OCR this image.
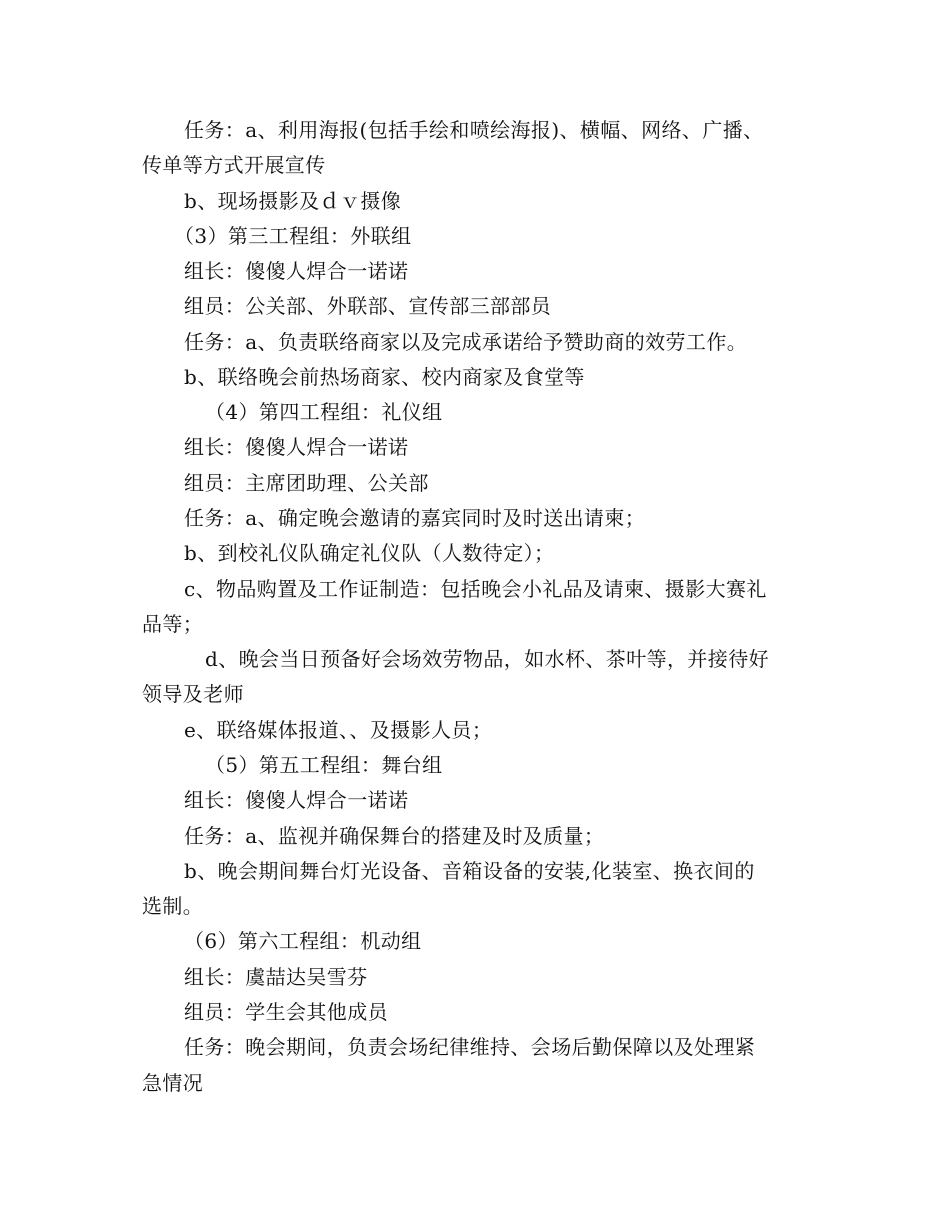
任务：a、利用海报(包括手绘和喷绘海报)、横幅、网络、广播、
传单等方式开展宣传
b、现场摄影及ｄｖ摄像
（3）第三工程组：外联组
组长：傻傻人焊合一诺诺
组员：公关部、外联部、宣传部三部部员
任务：a、负责联络商家以及完成承诺给予赞助商的效劳工作。
b、联络晚会前热场商家、校内商家及食堂等
（4）第四工程组：礼仪组
组长：傻傻人焊合一诺诺
组员：主席团助理、公关部
任务：a、确定晚会邀请的嘉宾同时及时送出请柬；
b、到校礼仪队确定礼仪队（人数待定）；
c、物品购置及工作证制造：包括晚会小礼品及请柬、摄影大赛礼
品等；
d、晚会当日预备好会场效劳物品，如水杯、茶叶等，并接待好
领导及老师
e、联络媒体报道、、及摄影人员；
（5）第五工程组：舞台组
组长：傻傻人焊合一诺诺
任务：a、监视并确保舞台的搭建及时及质量；
b、晚会期间舞台灯光设备、音箱设备的安装,化装室、换衣间的
选制。
（6）第六工程组：机动组
组长：虞喆达吴雪芬
组员：学生会其他成员
任务：晚会期间，负责会场纪律维持、会场后勤保障以及处理紧
急情况
